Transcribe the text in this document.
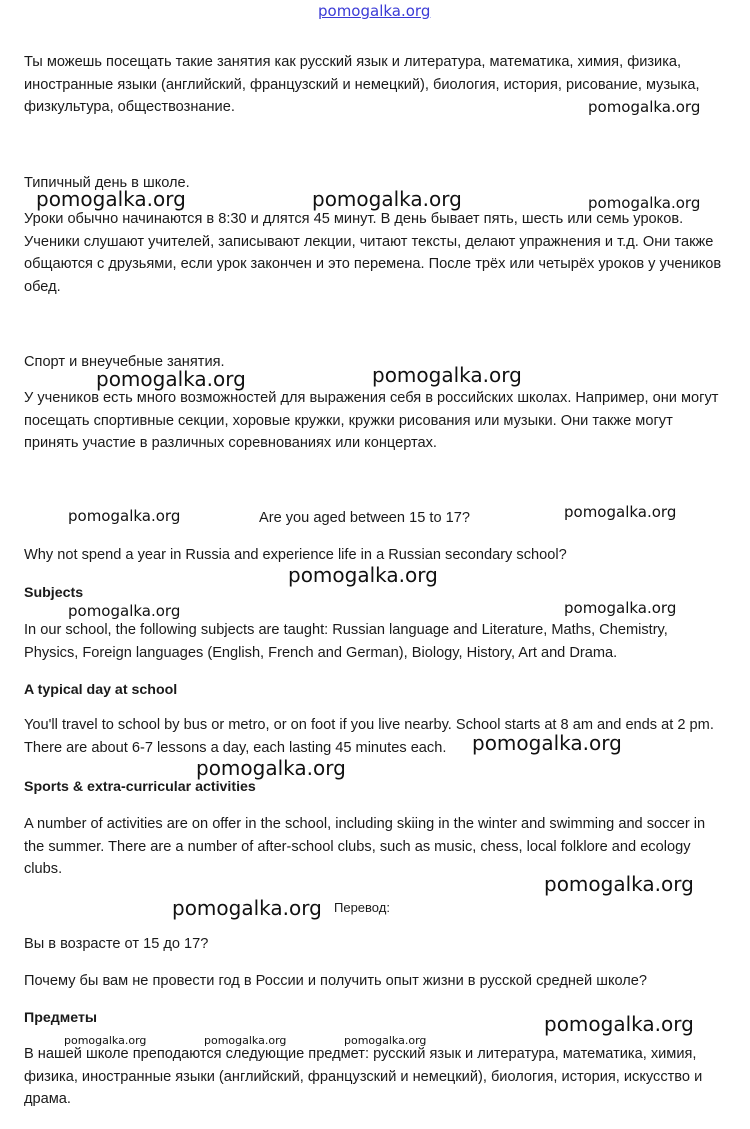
pomogalka.org

Ты можешь посещать такие занятия как русский язык и литература, математика, химия, физика, иностранные языки (английский, французский и немецкий), биология, история, рисование, музыка, физкультура, обществознание.	pomogalka.org

Типичный день в школе.

pomogalka.org	pomogalka.org	pomogalka.org

Уроки обычно начинаются в 8:30 и длятся 45 минут. В день бывает пять, шесть или семь уроков. Ученики слушают учителей, записывают лекции, читают тексты, делают упражнения и т.д. Они также общаются с друзьями, если урок закончен и это перемена. После трёх или четырёх уроков у учеников обед.

Спорт и внеучебные занятия.

pomogalka.org	pomogalka.org

У учеников есть много возможностей для выражения себя в российских школах. Например, они могут посещать спортивные секции, хоровые кружки, кружки рисования или музыки. Они также могут принять участие в различных соревнованиях или концертах.

pomogalka.org	Are you aged between 15 to 17?	pomogalka.org

Why not spend a year in Russia and experience life in a Russian secondary school?

pomogalka.org

Subjects

pomogalka.org	pomogalka.org

In our school, the following subjects are taught: Russian language and Literature, Maths, Chemistry, Physics, Foreign languages (English, French and German), Biology, History, Art and Drama.

A typical day at school

You'll travel to school by bus or metro, or on foot if you live nearby. School starts at 8 am and ends at 2 pm. There are about 6-7 lessons a day, each lasting 45 minutes each.	pomogalka.org
pomogalka.org

Sports & extra-curricular activities

A number of activities are on offer in the school, including skiing in the winter and swimming and soccer in the summer. There are a number of after-school clubs, such as music, chess, local folklore and ecology clubs.

pomogalka.org
pomogalka.org Перевод:

Вы в возрасте от 15 до 17?

Почему бы вам не провести год в России и получить опыт жизни в русской средней школе?

Предметы	pomogalka.org
pomogalka.org	pomogalka.org	pomogalka.org

В нашей школе преподаются следующие предмет: русский язык и литература, математика, химия, физика, иностранные языки (английский, французский и немецкий), биология, история, искусство и драма.
